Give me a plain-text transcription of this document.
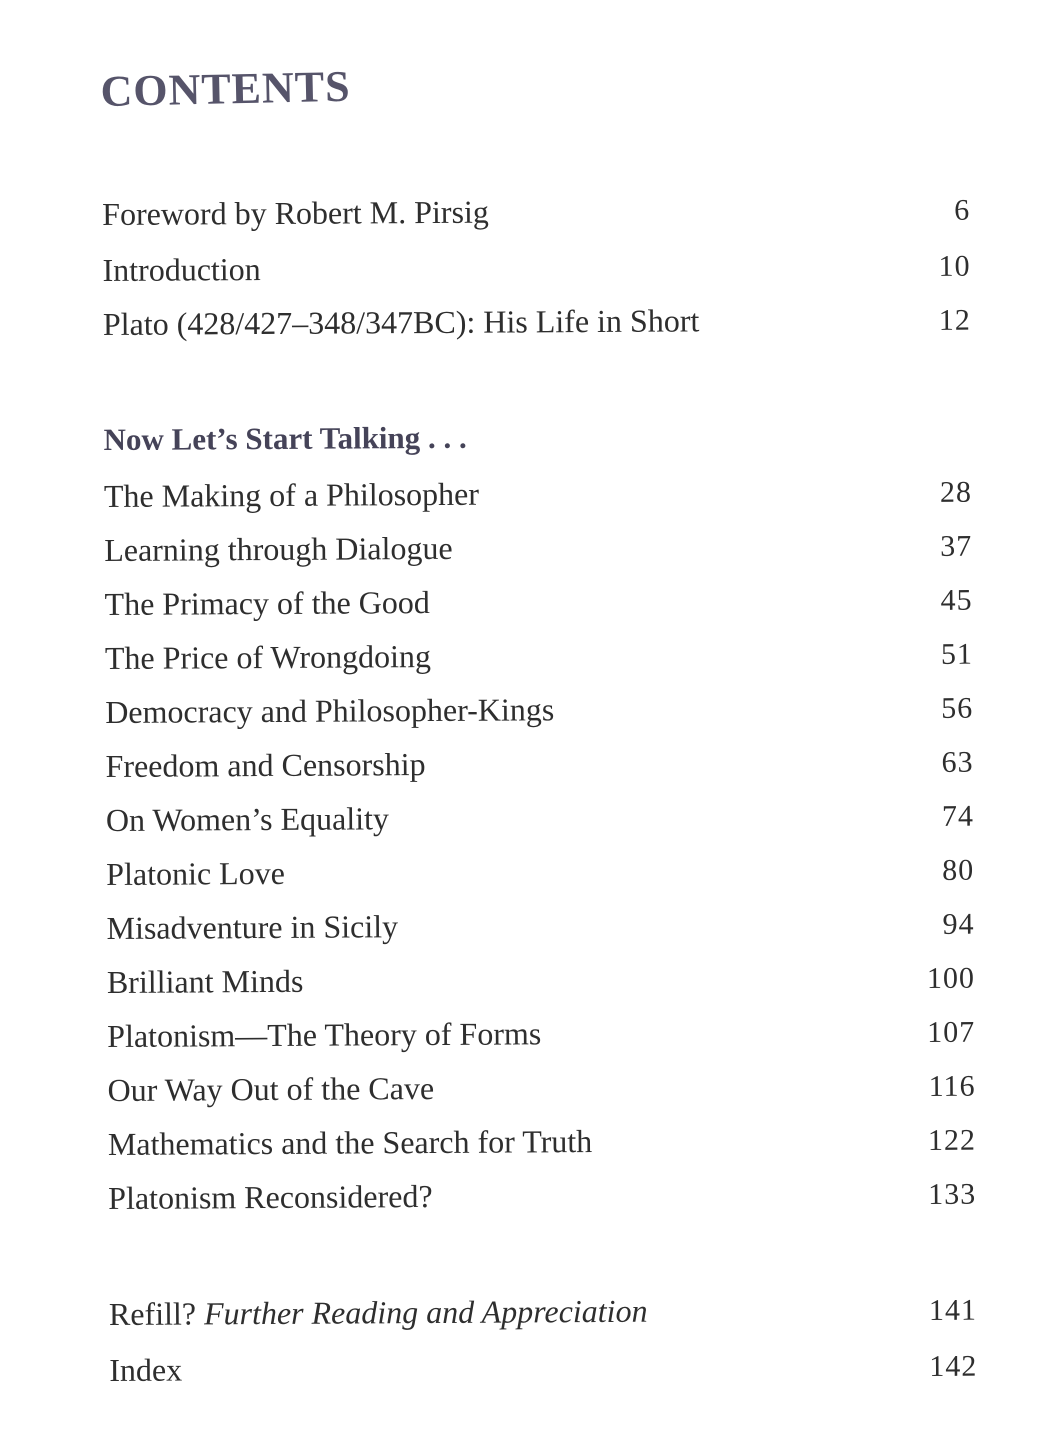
CONTENTS
Foreword by Robert M. Pirsig	6
Introduction	10
Plato (428/427–348/347BC): His Life in Short	12
Now Let’s Start Talking . . .
The Making of a Philosopher	28
Learning through Dialogue	37
The Primacy of the Good	45
The Price of Wrongdoing	51
Democracy and Philosopher-Kings	56
Freedom and Censorship	63
On Women’s Equality	74
Platonic Love	80
Misadventure in Sicily	94
Brilliant Minds	100
Platonism—The Theory of Forms	107
Our Way Out of the Cave	116
Mathematics and the Search for Truth	122
Platonism Reconsidered?	133
Refill? Further Reading and Appreciation	141
Index	142
